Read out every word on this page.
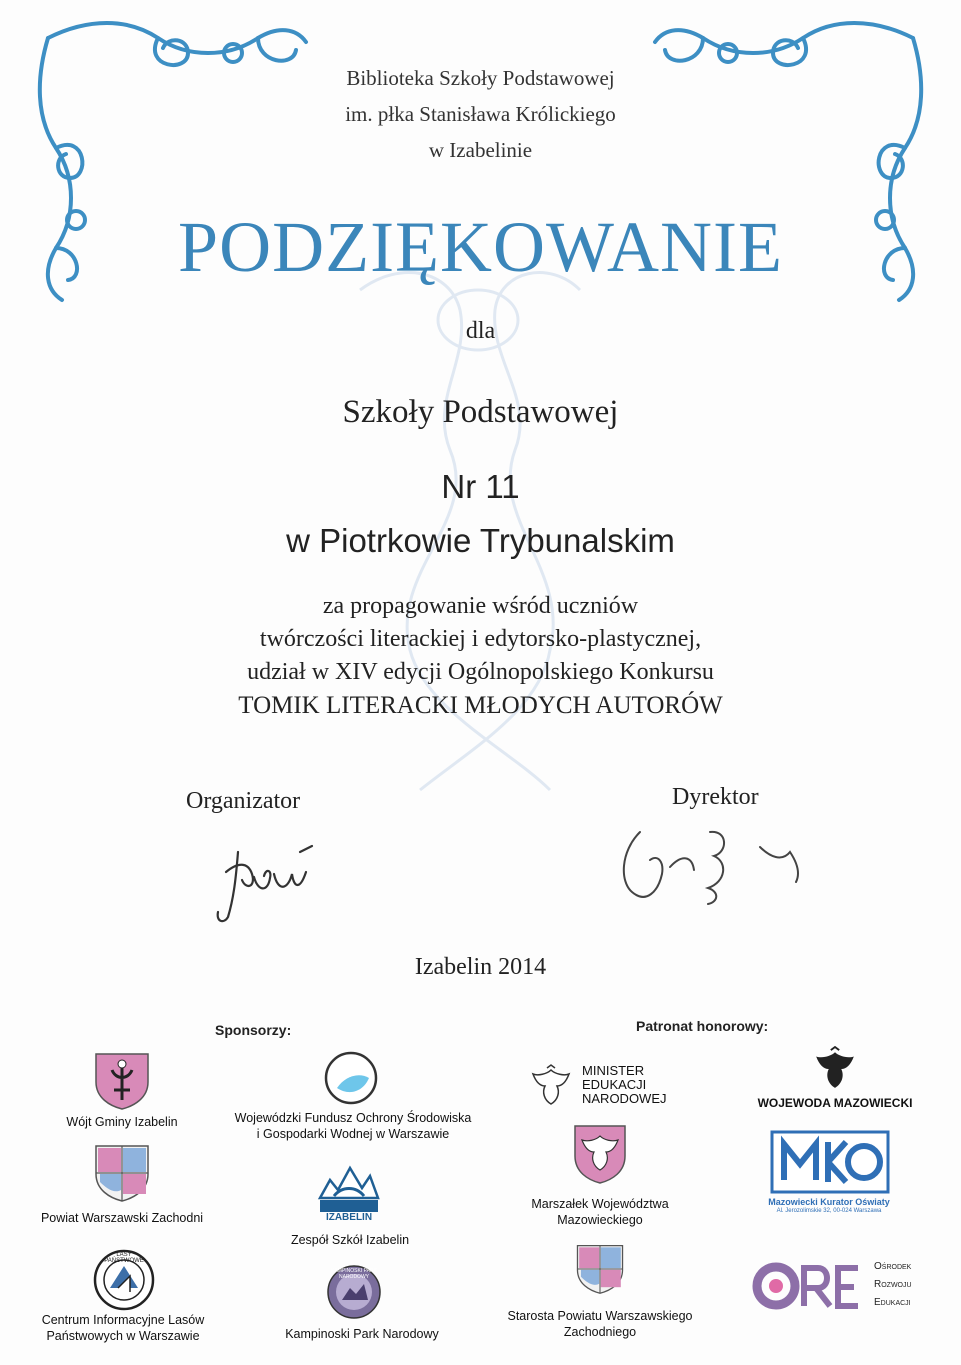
Biblioteka Szkoły Podstawowej
im. płka Stanisława Królickiego
w Izabelinie
PODZIĘKOWANIE
dla
Szkoły Podstawowej
Nr 11
w Piotrkowie Trybunalskim
za propagowanie wśród uczniów
twórczości literackiej i edytorsko-plastycznej,
udział w XIV edycji Ogólnopolskiego Konkursu
TOMIK LITERACKI MŁODYCH AUTORÓW
Organizator	Dyrektor
Izabelin 2014
Sponsorzy:	Patronat honorowy:
Wójt Gminy Izabelin
Powiat Warszawski Zachodni
LASY PAŃSTWOWE
Centrum Informacyjne Lasów
Państwowych w Warszawie
Wojewódzki Fundusz Ochrony Środowiska
i Gospodarki Wodnej w Warszawie
IZABELIN
Zespół Szkół Izabelin
KAMPINOSKI PARK NARODOWY
Kampinoski Park Narodowy
MINISTER
EDUKACJI
NARODOWEJ	WOJEWODA MAZOWIECKI
Marszałek Województwa
Mazowieckiego
Mazowiecki Kurator Oświaty
Al. Jerozolimskie 32, 00-024 Warszawa
Starosta Powiatu Warszawskiego
Zachodniego
Ośrodek
Rozwoju
Edukacji
